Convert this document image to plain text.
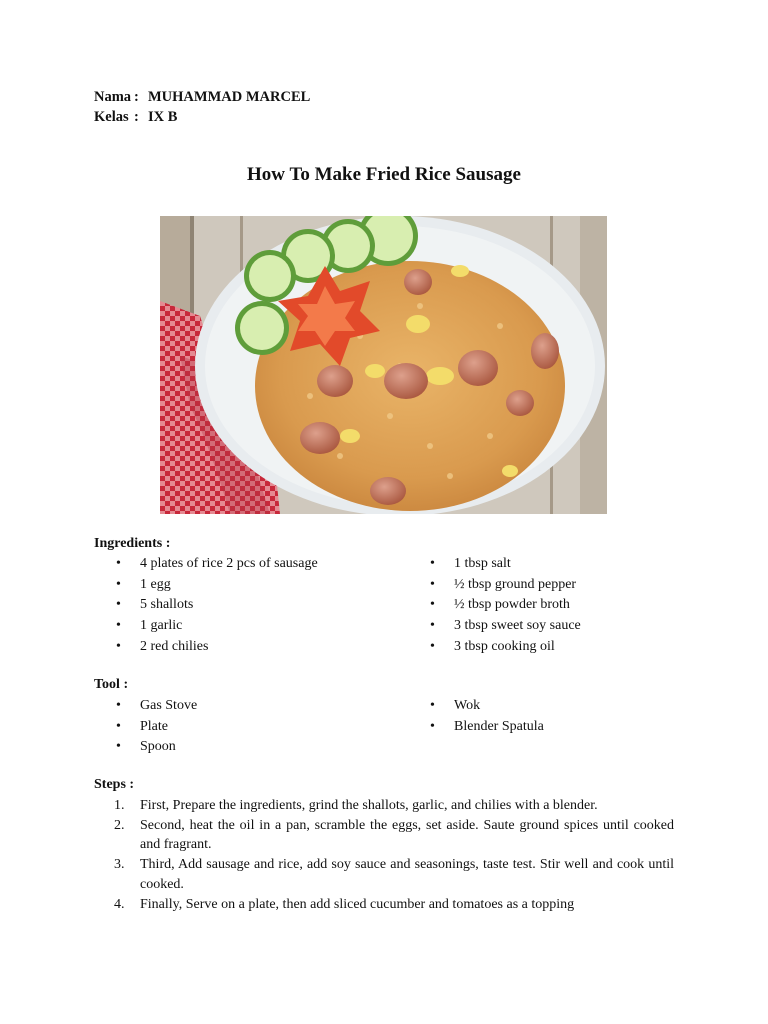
Nama : MUHAMMAD MARCEL
Kelas : IX B
How To Make Fried Rice Sausage
Ingredients :
• 4 plates of rice 2 pcs of sausage
• 1 egg
• 5 shallots
• 1 garlic
• 2 red chilies
• 1 tbsp salt
• ½ tbsp ground pepper
• ½ tbsp powder broth
• 3 tbsp sweet soy sauce
• 3 tbsp cooking oil
Tool :
• Gas Stove
• Plate
• Spoon
• Wok
• Blender Spatula
Steps :
1. First, Prepare the ingredients, grind the shallots, garlic, and chilies with a blender.
2. Second, heat the oil in a pan, scramble the eggs, set aside. Saute ground spices until cooked and fragrant.
3. Third, Add sausage and rice, add soy sauce and seasonings, taste test. Stir well and cook until cooked.
4. Finally, Serve on a plate, then add sliced cucumber and tomatoes as a topping
